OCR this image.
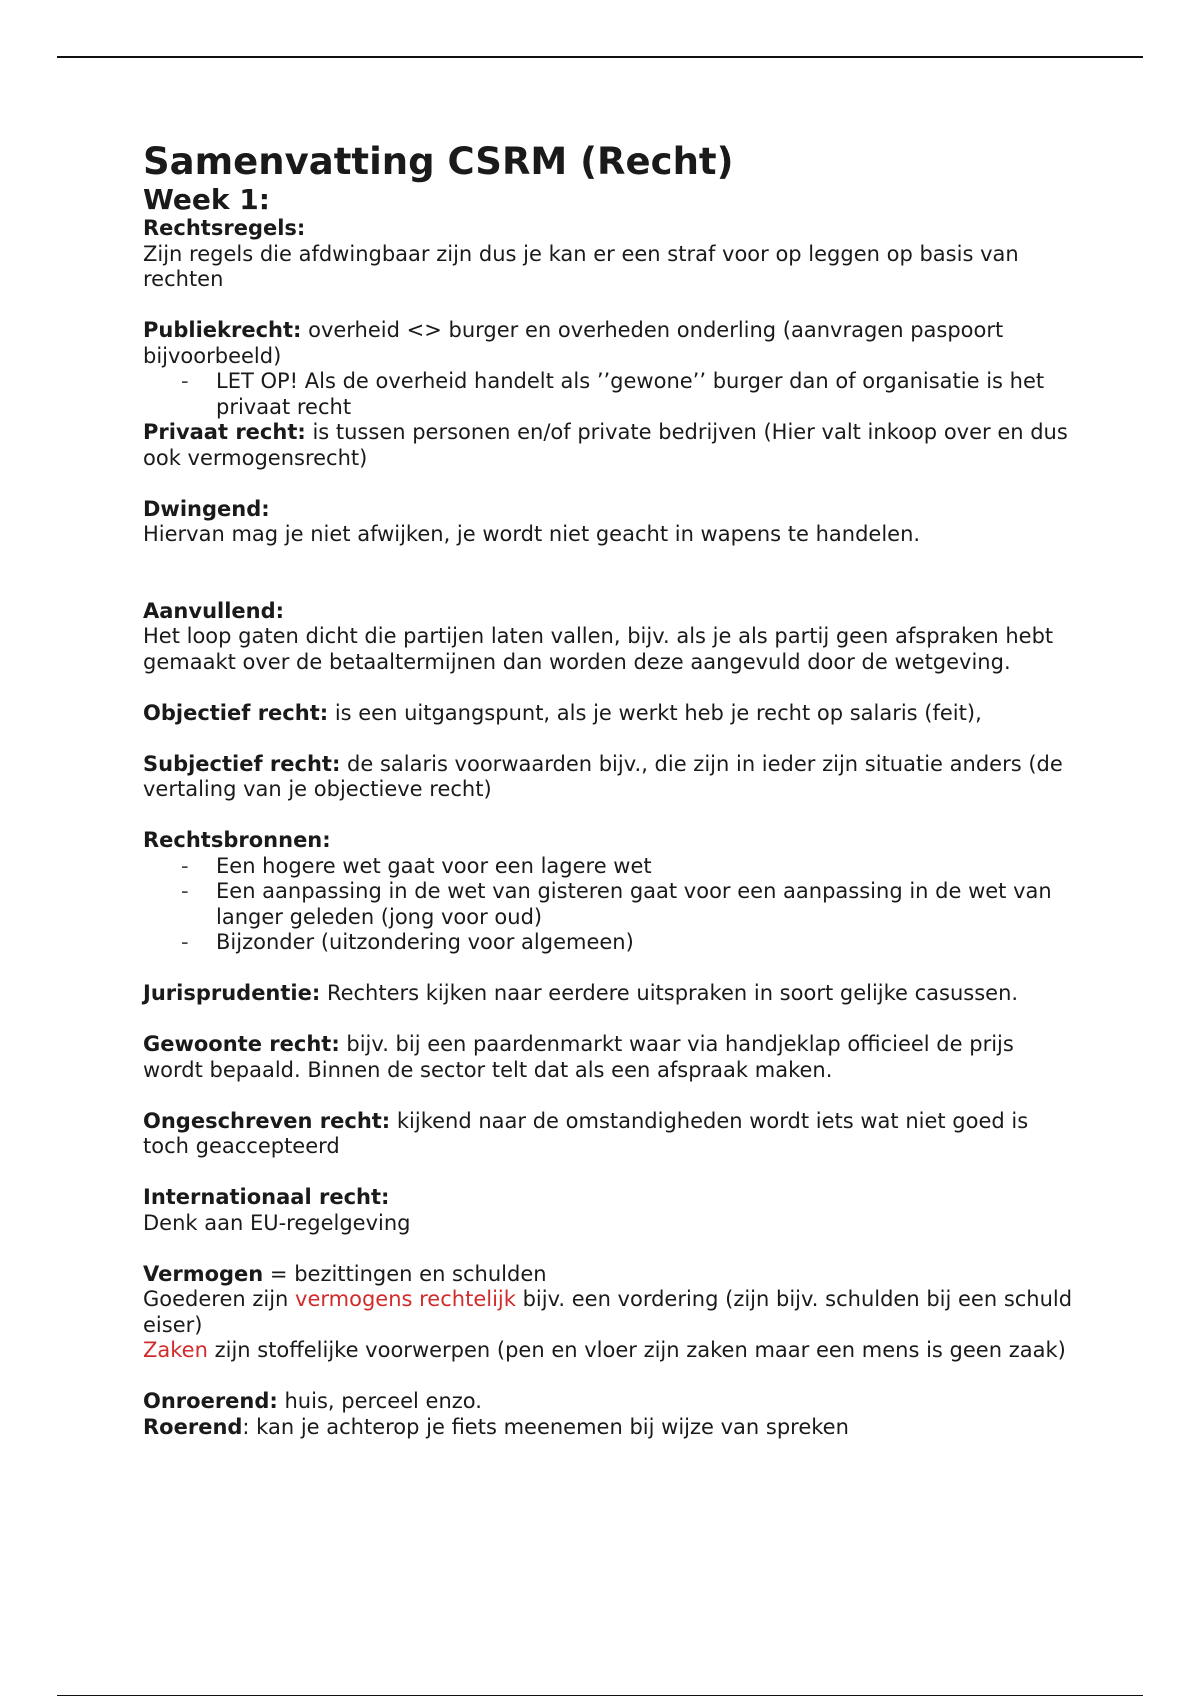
Samenvatting CSRM (Recht)
Week 1:

Rechtsregels:

Zijn regels die afdwingbaar zijn dus je kan er een straf voor op leggen op basis van rechten

Publiekrecht: overheid <> burger en overheden onderling (aanvragen paspoort bijvoorbeeld)

- LET OP! Als de overheid handelt als ’’gewone’’ burger dan of organisatie is het privaat recht

Privaat recht: is tussen personen en/of private bedrijven (Hier valt inkoop over en dus ook vermogensrecht)

Dwingend:

Hiervan mag je niet afwijken, je wordt niet geacht in wapens te handelen.

Aanvullend:

Het loop gaten dicht die partijen laten vallen, bijv. als je als partij geen afspraken hebt gemaakt over de betaaltermijnen dan worden deze aangevuld door de wetgeving.

Objectief recht: is een uitgangspunt, als je werkt heb je recht op salaris (feit),

Subjectief recht: de salaris voorwaarden bijv., die zijn in ieder zijn situatie anders (de vertaling van je objectieve recht)

Rechtsbronnen:

- Een hogere wet gaat voor een lagere wet
- Een aanpassing in de wet van gisteren gaat voor een aanpassing in de wet van langer geleden (jong voor oud)
- Bijzonder (uitzondering voor algemeen)

Jurisprudentie: Rechters kijken naar eerdere uitspraken in soort gelijke casussen.

Gewoonte recht: bijv. bij een paardenmarkt waar via handjeklap officieel de prijs wordt bepaald. Binnen de sector telt dat als een afspraak maken.

Ongeschreven recht: kijkend naar de omstandigheden wordt iets wat niet goed is toch geaccepteerd

Internationaal recht:

Denk aan EU-regelgeving

Vermogen = bezittingen en schulden

Goederen zijn vermogens rechtelijk bijv. een vordering (zijn bijv. schulden bij een schuld eiser)

Zaken zijn stoffelijke voorwerpen (pen en vloer zijn zaken maar een mens is geen zaak)

Onroerend: huis, perceel enzo.

Roerend: kan je achterop je fiets meenemen bij wijze van spreken
